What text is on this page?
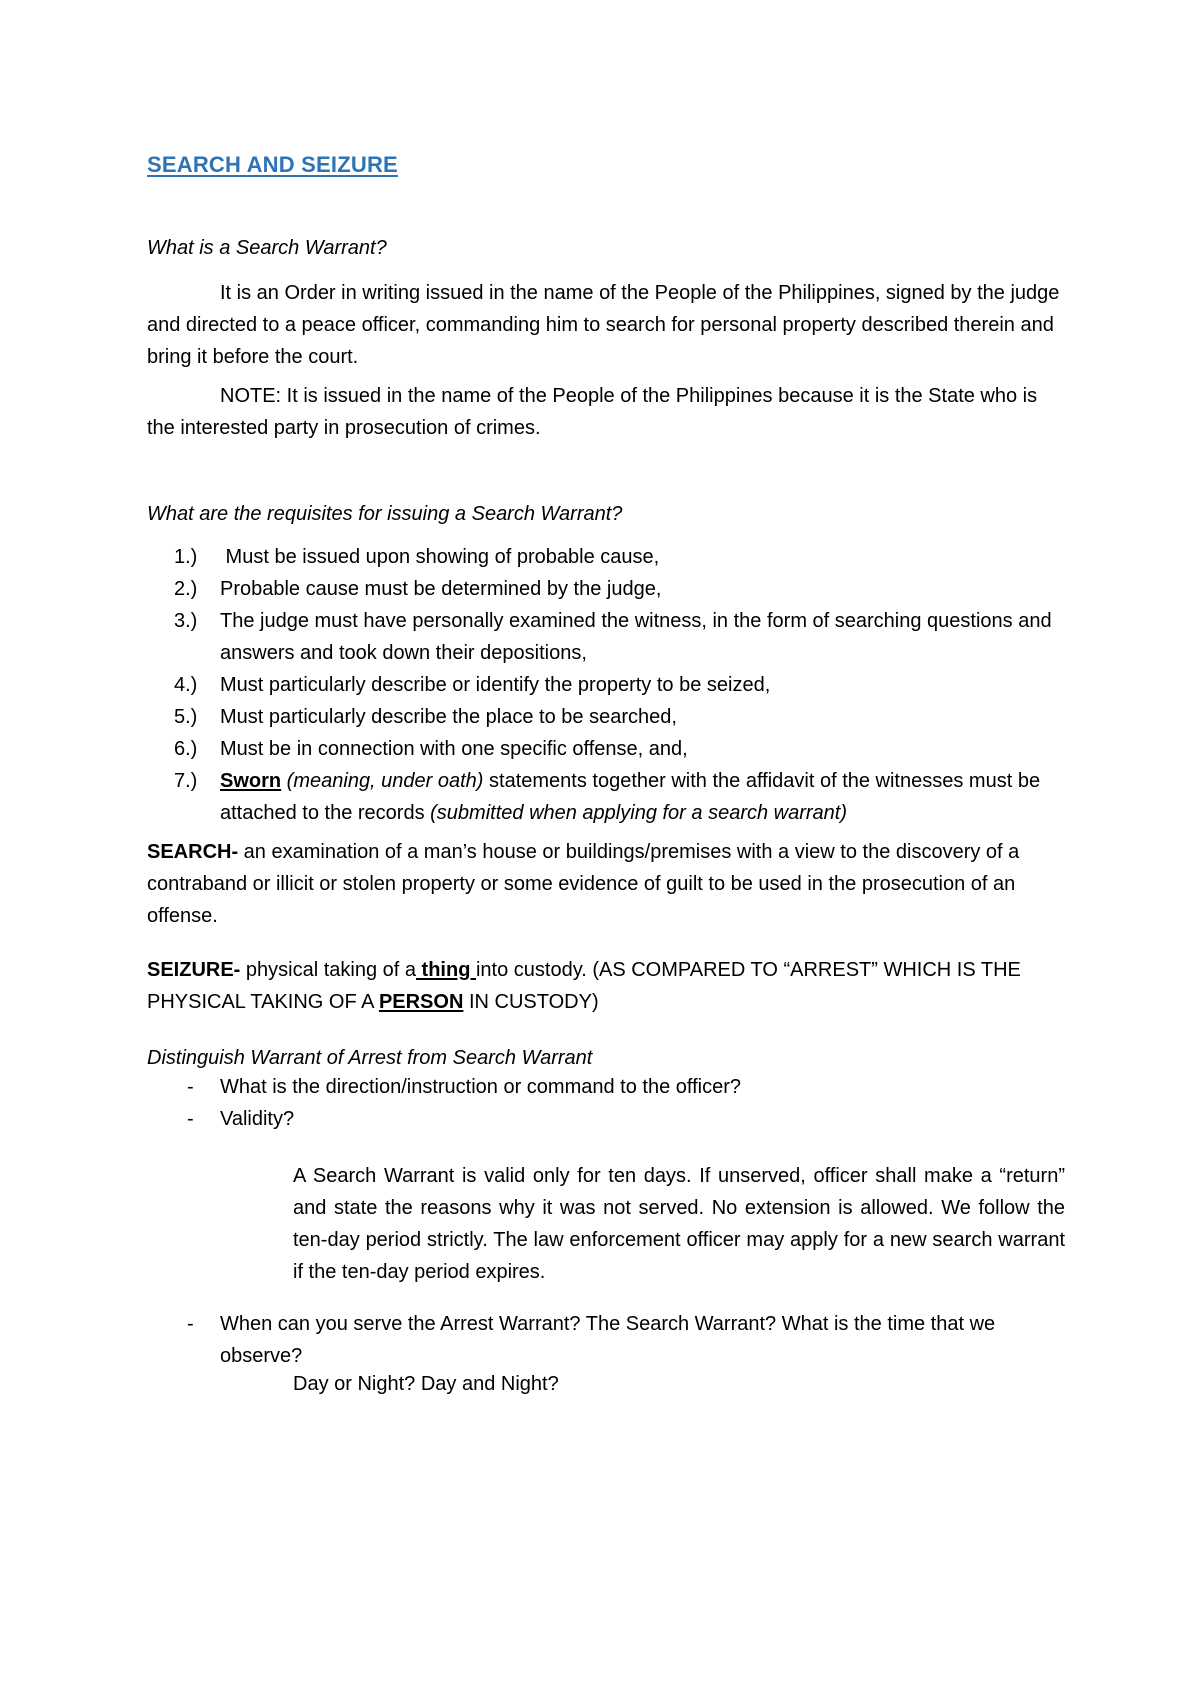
SEARCH AND SEIZURE
What is a Search Warrant?
It is an Order in writing issued in the name of the People of the Philippines, signed by the judge and directed to a peace officer, commanding him to search for personal property described therein and bring it before the court.
NOTE: It is issued in the name of the People of the Philippines because it is the State who is the interested party in prosecution of crimes.
What are the requisites for issuing a Search Warrant?
1.) Must be issued upon showing of probable cause,
2.) Probable cause must be determined by the judge,
3.) The judge must have personally examined the witness, in the form of searching questions and answers and took down their depositions,
4.) Must particularly describe or identify the property to be seized,
5.) Must particularly describe the place to be searched,
6.) Must be in connection with one specific offense, and,
7.) Sworn (meaning, under oath) statements together with the affidavit of the witnesses must be attached to the records (submitted when applying for a search warrant)
SEARCH- an examination of a man’s house or buildings/premises with a view to the discovery of a contraband or illicit or stolen property or some evidence of guilt to be used in the prosecution of an offense.
SEIZURE- physical taking of a thing into custody. (AS COMPARED TO “ARREST” WHICH IS THE PHYSICAL TAKING OF A PERSON IN CUSTODY)
Distinguish Warrant of Arrest from Search Warrant
- What is the direction/instruction or command to the officer?
- Validity?
A Search Warrant is valid only for ten days. If unserved, officer shall make a “return” and state the reasons why it was not served. No extension is allowed. We follow the ten-day period strictly. The law enforcement officer may apply for a new search warrant if the ten-day period expires.
- When can you serve the Arrest Warrant? The Search Warrant? What is the time that we observe?
Day or Night? Day and Night?
